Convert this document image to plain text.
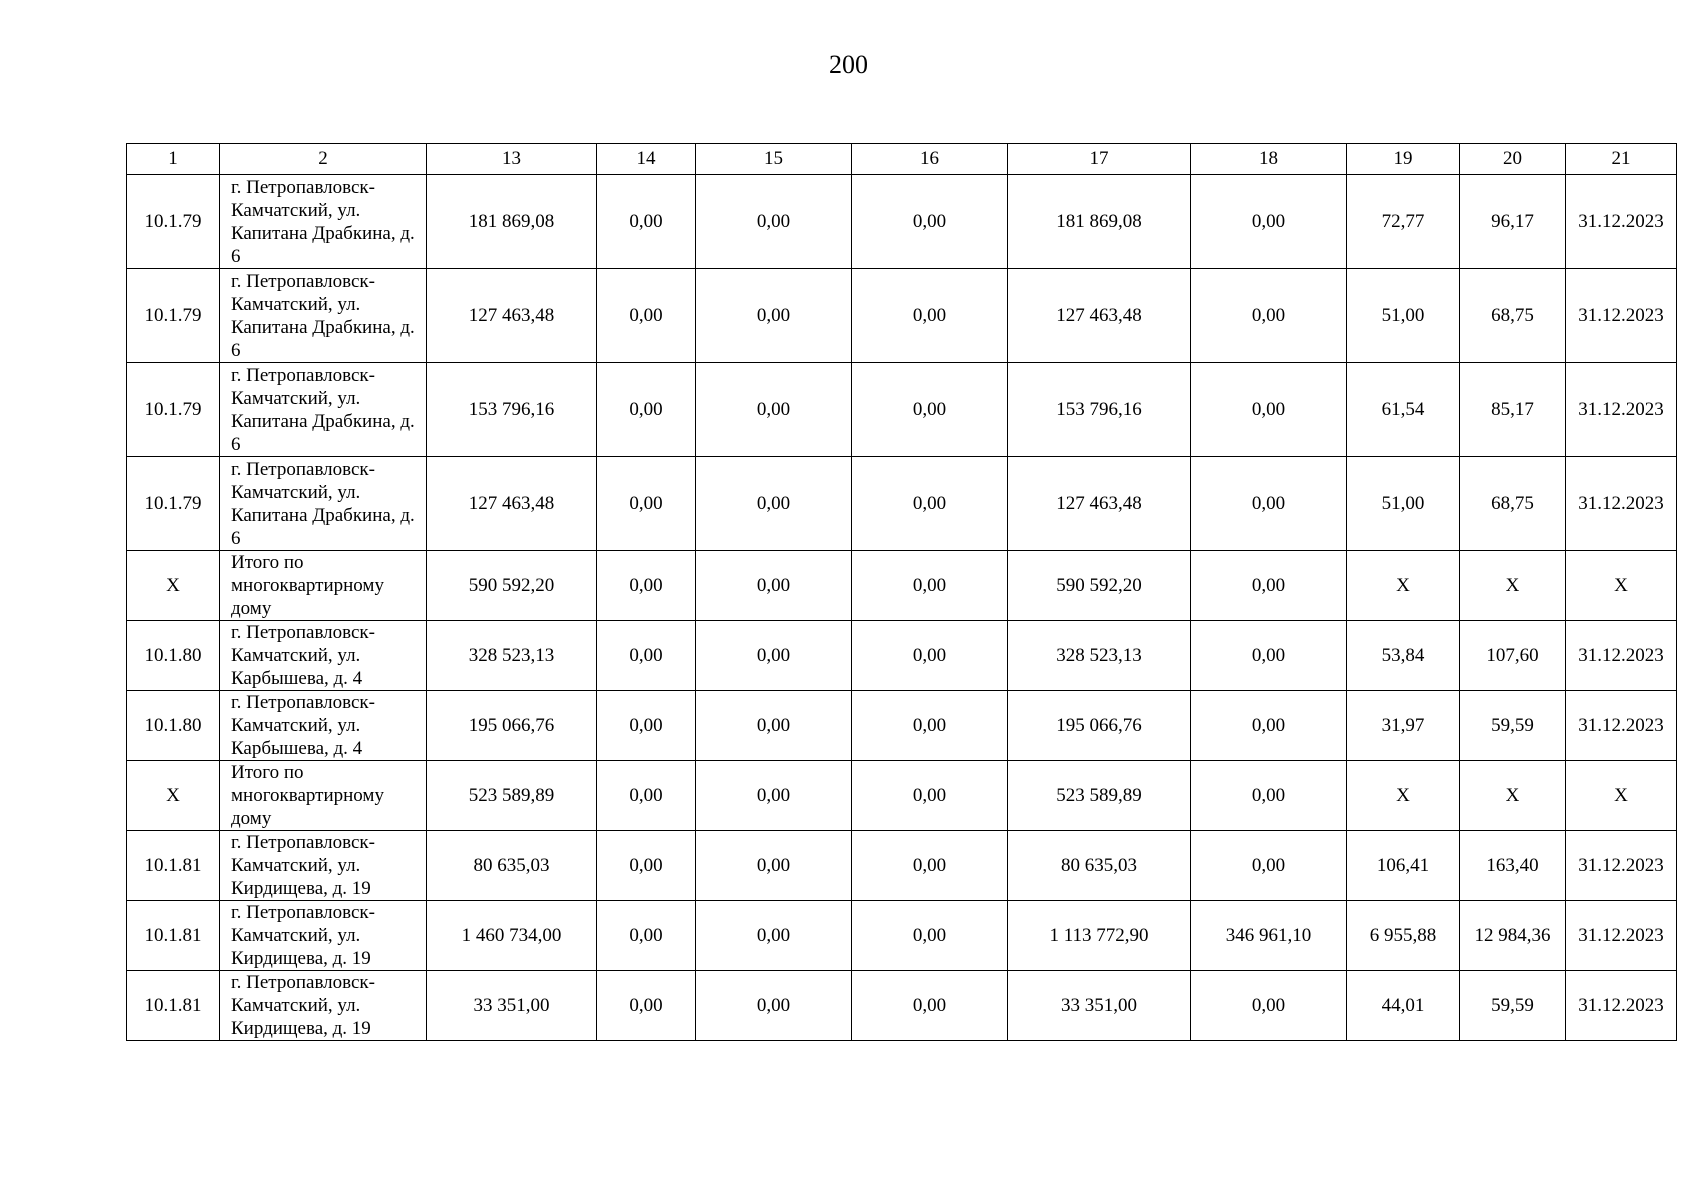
200
1	2	13	14	15	16	17	18	19	20	21
10.1.79	г. Петропавловск-Камчатский, ул. Капитана Драбкина, д. 6	181 869,08	0,00	0,00	0,00	181 869,08	0,00	72,77	96,17	31.12.2023
10.1.79	г. Петропавловск-Камчатский, ул. Капитана Драбкина, д. 6	127 463,48	0,00	0,00	0,00	127 463,48	0,00	51,00	68,75	31.12.2023
10.1.79	г. Петропавловск-Камчатский, ул. Капитана Драбкина, д. 6	153 796,16	0,00	0,00	0,00	153 796,16	0,00	61,54	85,17	31.12.2023
10.1.79	г. Петропавловск-Камчатский, ул. Капитана Драбкина, д. 6	127 463,48	0,00	0,00	0,00	127 463,48	0,00	51,00	68,75	31.12.2023
Х	Итого по многоквартирному дому	590 592,20	0,00	0,00	0,00	590 592,20	0,00	Х	Х	Х
10.1.80	г. Петропавловск-Камчатский, ул. Карбышева, д. 4	328 523,13	0,00	0,00	0,00	328 523,13	0,00	53,84	107,60	31.12.2023
10.1.80	г. Петропавловск-Камчатский, ул. Карбышева, д. 4	195 066,76	0,00	0,00	0,00	195 066,76	0,00	31,97	59,59	31.12.2023
Х	Итого по многоквартирному дому	523 589,89	0,00	0,00	0,00	523 589,89	0,00	Х	Х	Х
10.1.81	г. Петропавловск-Камчатский, ул. Кирдищева, д. 19	80 635,03	0,00	0,00	0,00	80 635,03	0,00	106,41	163,40	31.12.2023
10.1.81	г. Петропавловск-Камчатский, ул. Кирдищева, д. 19	1 460 734,00	0,00	0,00	0,00	1 113 772,90	346 961,10	6 955,88	12 984,36	31.12.2023
10.1.81	г. Петропавловск-Камчатский, ул. Кирдищева, д. 19	33 351,00	0,00	0,00	0,00	33 351,00	0,00	44,01	59,59	31.12.2023
